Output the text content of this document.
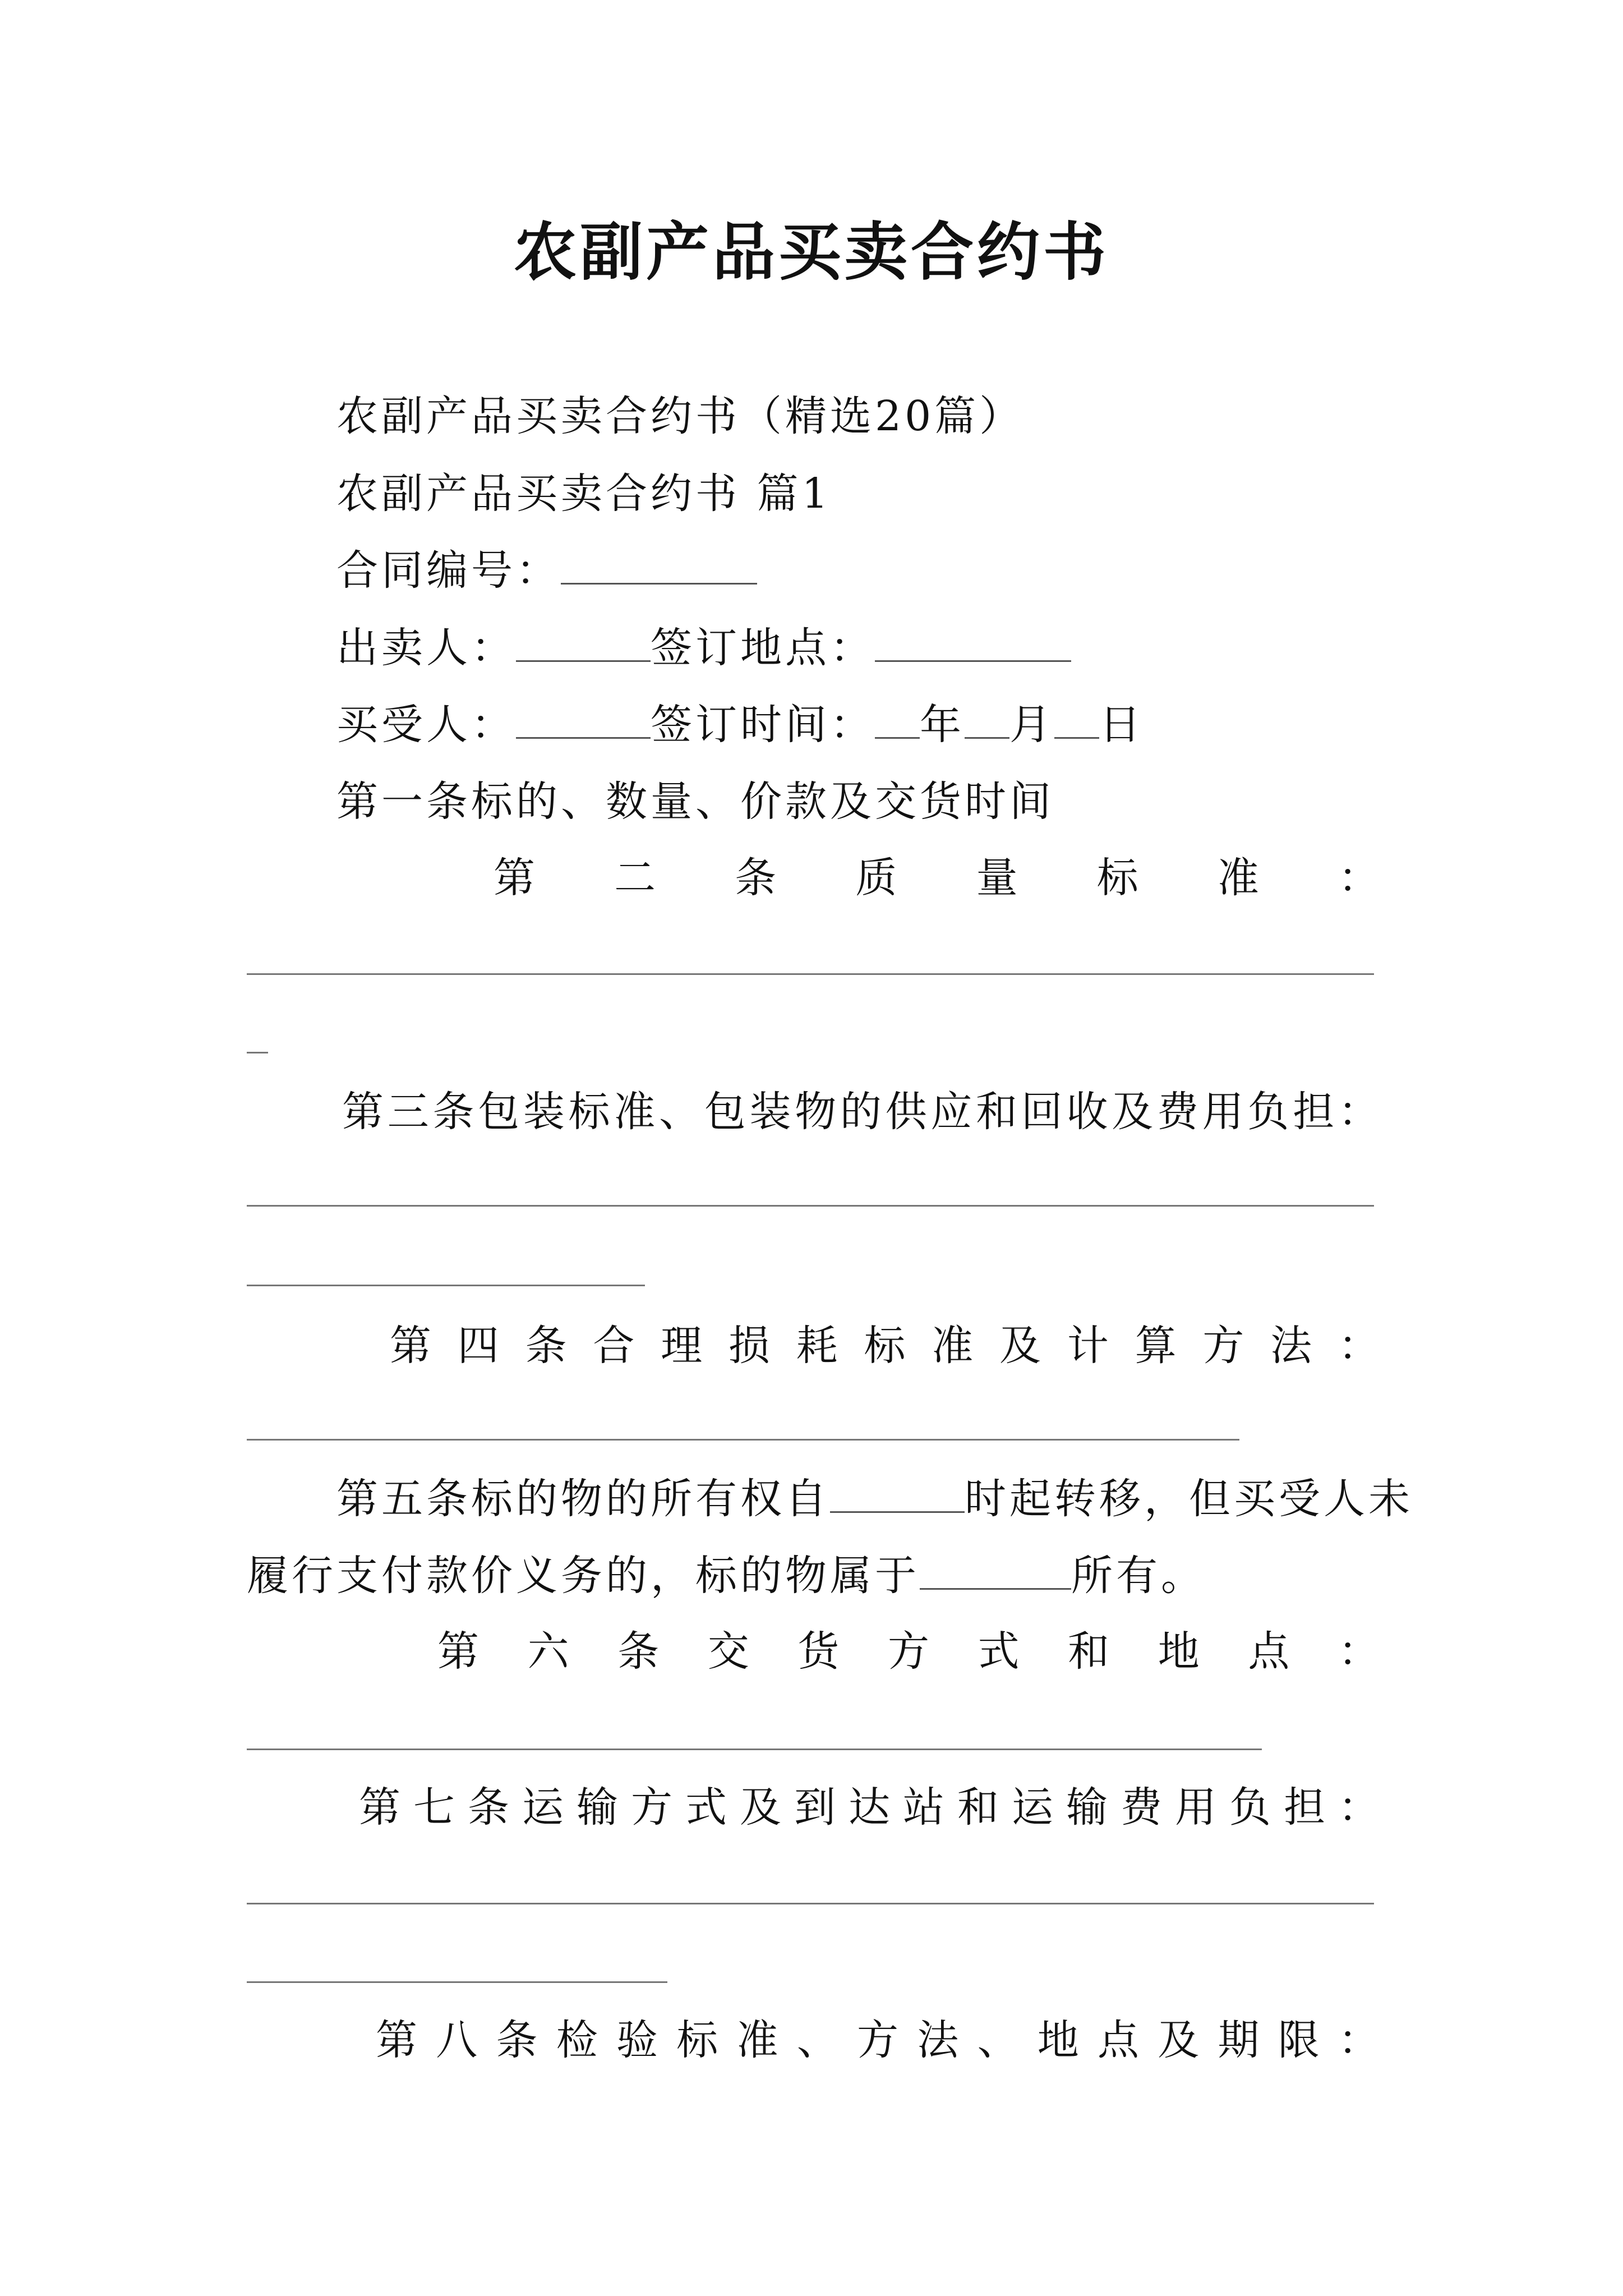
农副产品买卖合约书
农副产品买卖合约书（精选20篇）
农副产品买卖合约书 篇1
合同编号：
出卖人：	签订地点：
买受人：	签订时间： 年 月 日
第一条标的、数量、价款及交货时间
第 二 条 质 量 标 准 ：
第 三 条 包 装 标 准 、 包 装 物 的 供 应 和 回 收 及 费 用 负 担 ：
第 四 条 合 理 损 耗 标 准 及 计 算 方 法 ：
第五条标的物的所有权自	时起转移，但买受人未
履行支付款价义务的，标的物属于	所有。
第 六 条 交 货 方 式 和 地 点 ：
第 七 条 运 输 方 式 及 到 达 站 和 运 输 费 用 负 担 ：
第 八 条 检 验 标 准 、 方 法 、 地 点 及 期 限 ：
